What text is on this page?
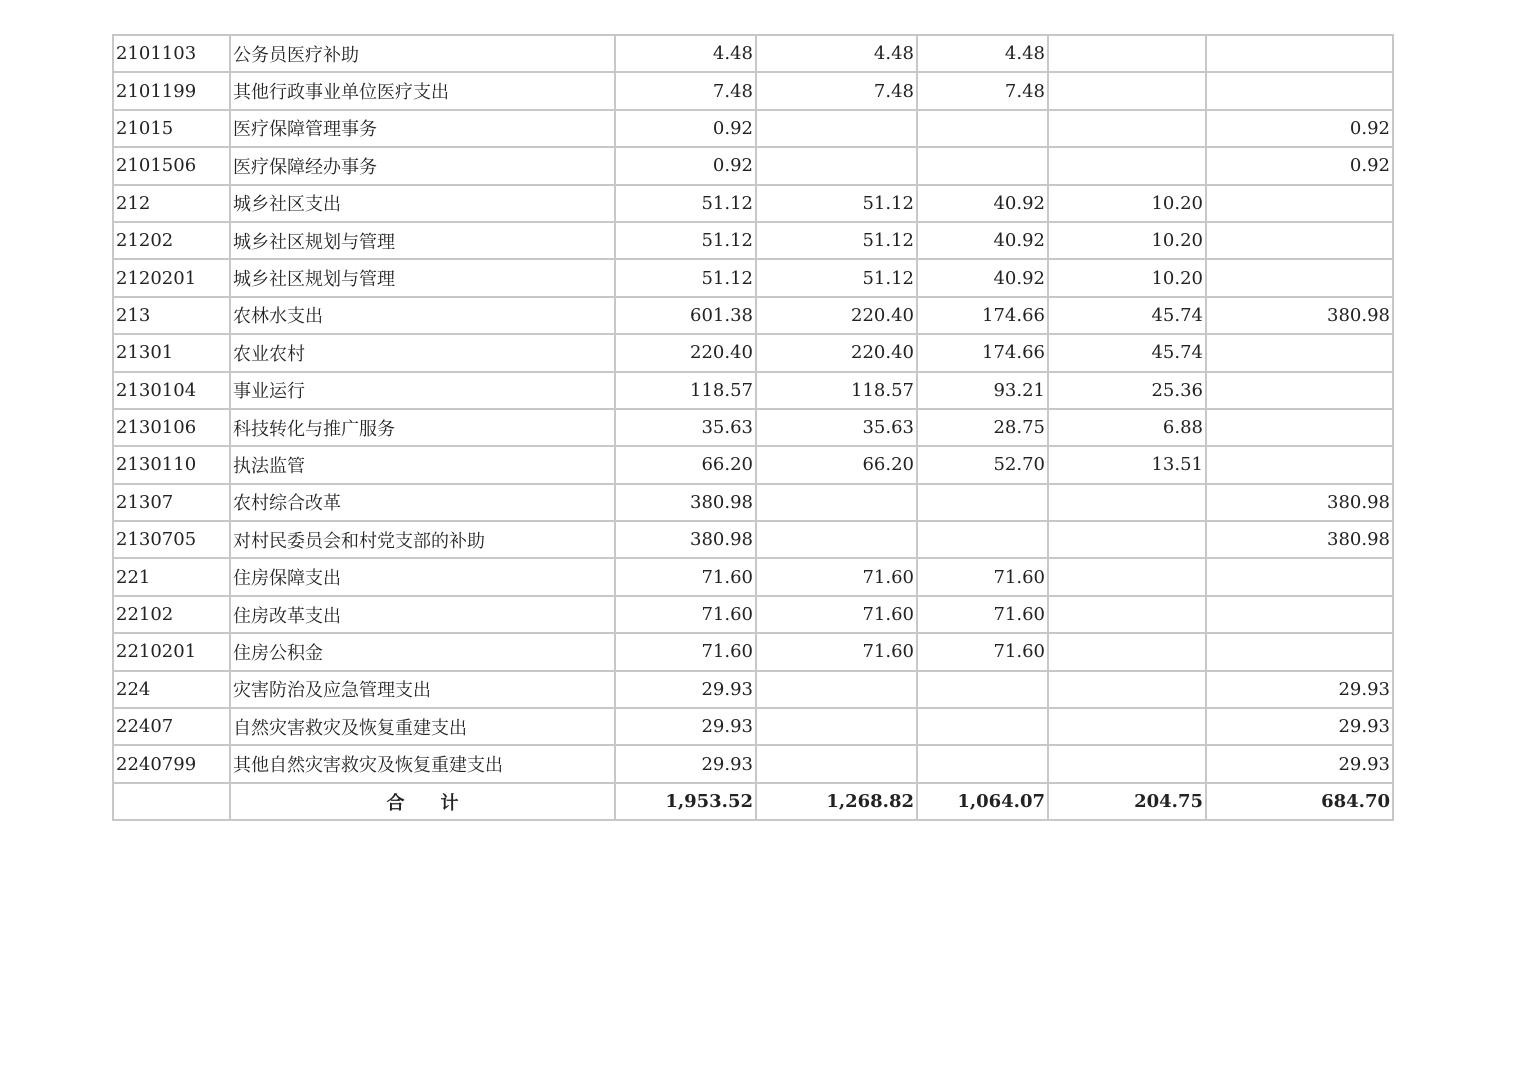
2101103	公务员医疗补助	4.48	4.48	4.48		
2101199	其他行政事业单位医疗支出	7.48	7.48	7.48		
21015	医疗保障管理事务	0.92				0.92
2101506	医疗保障经办事务	0.92				0.92
212	城乡社区支出	51.12	51.12	40.92	10.20	
21202	城乡社区规划与管理	51.12	51.12	40.92	10.20	
2120201	城乡社区规划与管理	51.12	51.12	40.92	10.20	
213	农林水支出	601.38	220.40	174.66	45.74	380.98
21301	农业农村	220.40	220.40	174.66	45.74	
2130104	事业运行	118.57	118.57	93.21	25.36	
2130106	科技转化与推广服务	35.63	35.63	28.75	6.88	
2130110	执法监管	66.20	66.20	52.70	13.51	
21307	农村综合改革	380.98				380.98
2130705	对村民委员会和村党支部的补助	380.98				380.98
221	住房保障支出	71.60	71.60	71.60		
22102	住房改革支出	71.60	71.60	71.60		
2210201	住房公积金	71.60	71.60	71.60		
224	灾害防治及应急管理支出	29.93				29.93
22407	自然灾害救灾及恢复重建支出	29.93				29.93
2240799	其他自然灾害救灾及恢复重建支出	29.93				29.93
	合　　计	1,953.52	1,268.82	1,064.07	204.75	684.70
